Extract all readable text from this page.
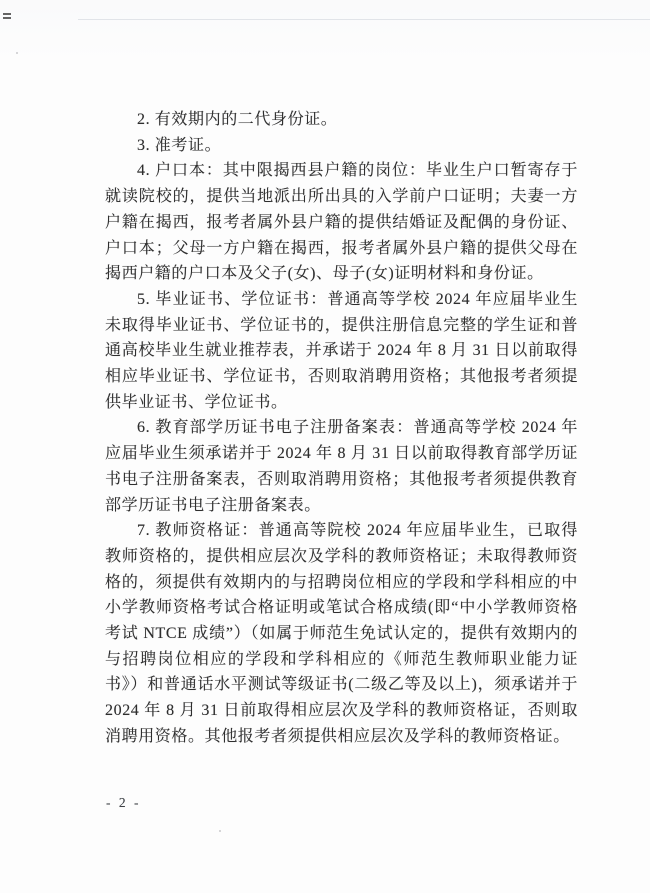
2. 有效期内的二代身份证。

3. 准考证。

4. 户口本：其中限揭西县户籍的岗位：毕业生户口暂寄存于就读院校的，提供当地派出所出具的入学前户口证明；夫妻一方户籍在揭西，报考者属外县户籍的提供结婚证及配偶的身份证、户口本；父母一方户籍在揭西，报考者属外县户籍的提供父母在揭西户籍的户口本及父子(女)、母子(女)证明材料和身份证。

5. 毕业证书、学位证书：普通高等学校 2024 年应届毕业生未取得毕业证书、学位证书的，提供注册信息完整的学生证和普通高校毕业生就业推荐表，并承诺于 2024 年 8 月 31 日以前取得相应毕业证书、学位证书，否则取消聘用资格；其他报考者须提供毕业证书、学位证书。

6. 教育部学历证书电子注册备案表：普通高等学校 2024 年应届毕业生须承诺并于 2024 年 8 月 31 日以前取得教育部学历证书电子注册备案表，否则取消聘用资格；其他报考者须提供教育部学历证书电子注册备案表。

7. 教师资格证：普通高等院校 2024 年应届毕业生，已取得教师资格的，提供相应层次及学科的教师资格证；未取得教师资格的，须提供有效期内的与招聘岗位相应的学段和学科相应的中小学教师资格考试合格证明或笔试合格成绩(即“中小学教师资格考试 NTCE 成绩”）（如属于师范生免试认定的，提供有效期内的与招聘岗位相应的学段和学科相应的《师范生教师职业能力证书》）和普通话水平测试等级证书(二级乙等及以上)，须承诺并于 2024 年 8 月 31 日前取得相应层次及学科的教师资格证，否则取消聘用资格。其他报考者须提供相应层次及学科的教师资格证。

- 2 -
